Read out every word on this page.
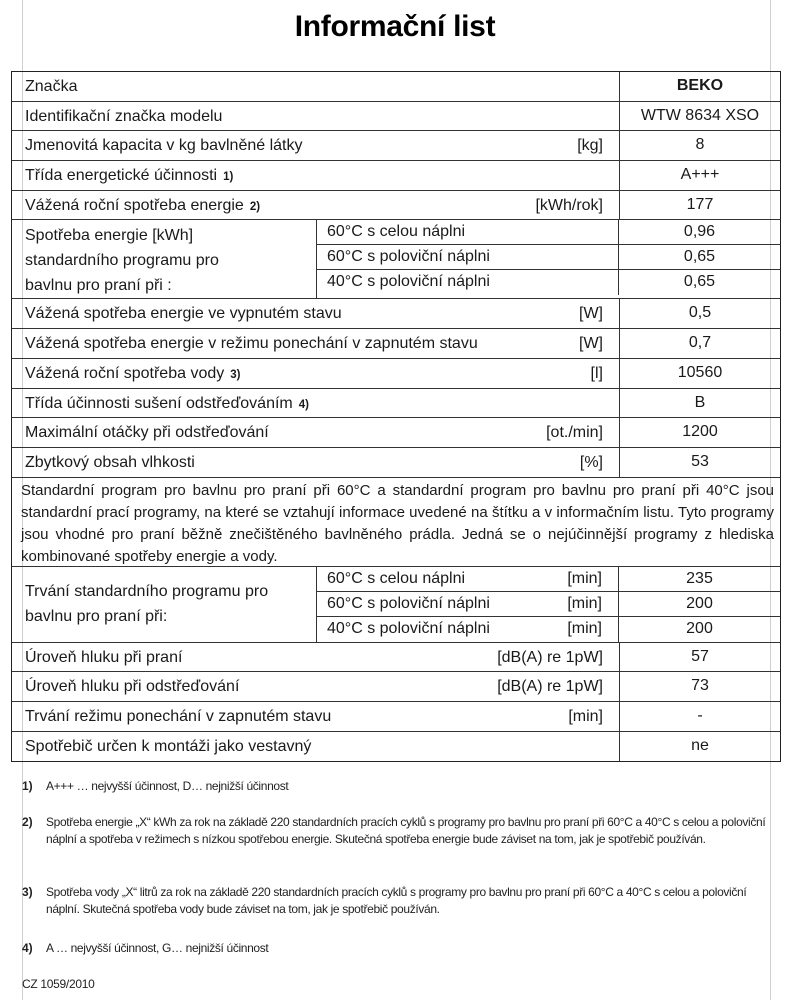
Informační list
Značka	BEKO
Identifikační značka modelu	WTW 8634 XSO
Jmenovitá kapacita v kg bavlněné látky	[kg]	8
Třída energetické účinnosti 1)	A+++
Vážená roční spotřeba energie 2)	[kWh/rok]	177
Spotřeba energie [kWh]
standardního programu pro
bavlnu pro praní při :
60°C s celou náplni	0,96
60°C s poloviční náplni	0,65
40°C s poloviční náplni	0,65
Vážená spotřeba energie ve vypnutém stavu	[W]	0,5
Vážená spotřeba energie v režimu ponechání v zapnutém stavu	[W]	0,7
Vážená roční spotřeba vody 3)	[l]	10560
Třída účinnosti sušení odstřeďováním 4)	B
Maximální otáčky při odstřeďování	[ot./min]	1200
Zbytkový obsah vlhkosti	[%]	53
Standardní program pro bavlnu pro praní při 60°C a standardní program pro bavlnu pro praní při 40°C jsou standardní prací programy, na které se vztahují informace uvedené na štítku a v informačním listu. Tyto programy jsou vhodné pro praní běžně znečištěného bavlněného prádla. Jedná se o nejúčinnější programy z hlediska kombinované spotřeby energie a vody.
Trvání standardního programu pro
bavlnu pro praní při:
60°C s celou náplni	[min]	235
60°C s poloviční náplni	[min]	200
40°C s poloviční náplni	[min]	200
Úroveň hluku při praní	[dB(A) re 1pW]	57
Úroveň hluku při odstřeďování	[dB(A) re 1pW]	73
Trvání režimu ponechání v zapnutém stavu	[min]	-
Spotřebič určen k montáži jako vestavný	ne
1)	A+++ … nejvyšší účinnost, D… nejnižší účinnost
2)	Spotřeba energie „X“ kWh za rok na základě 220 standardních pracích cyklů s programy pro bavlnu pro praní při 60°C a 40°C s celou a poloviční náplní a spotřeba v režimech s nízkou spotřebou energie. Skutečná spotřeba energie bude záviset na tom, jak je spotřebič používán.
3)	Spotřeba vody „X“ litrů za rok na základě 220 standardních pracích cyklů s programy pro bavlnu pro praní při 60°C a 40°C s celou a poloviční náplní. Skutečná spotřeba vody bude záviset na tom, jak je spotřebič používán.
4)	A … nejvyšší účinnost, G… nejnižší účinnost
CZ 1059/2010
